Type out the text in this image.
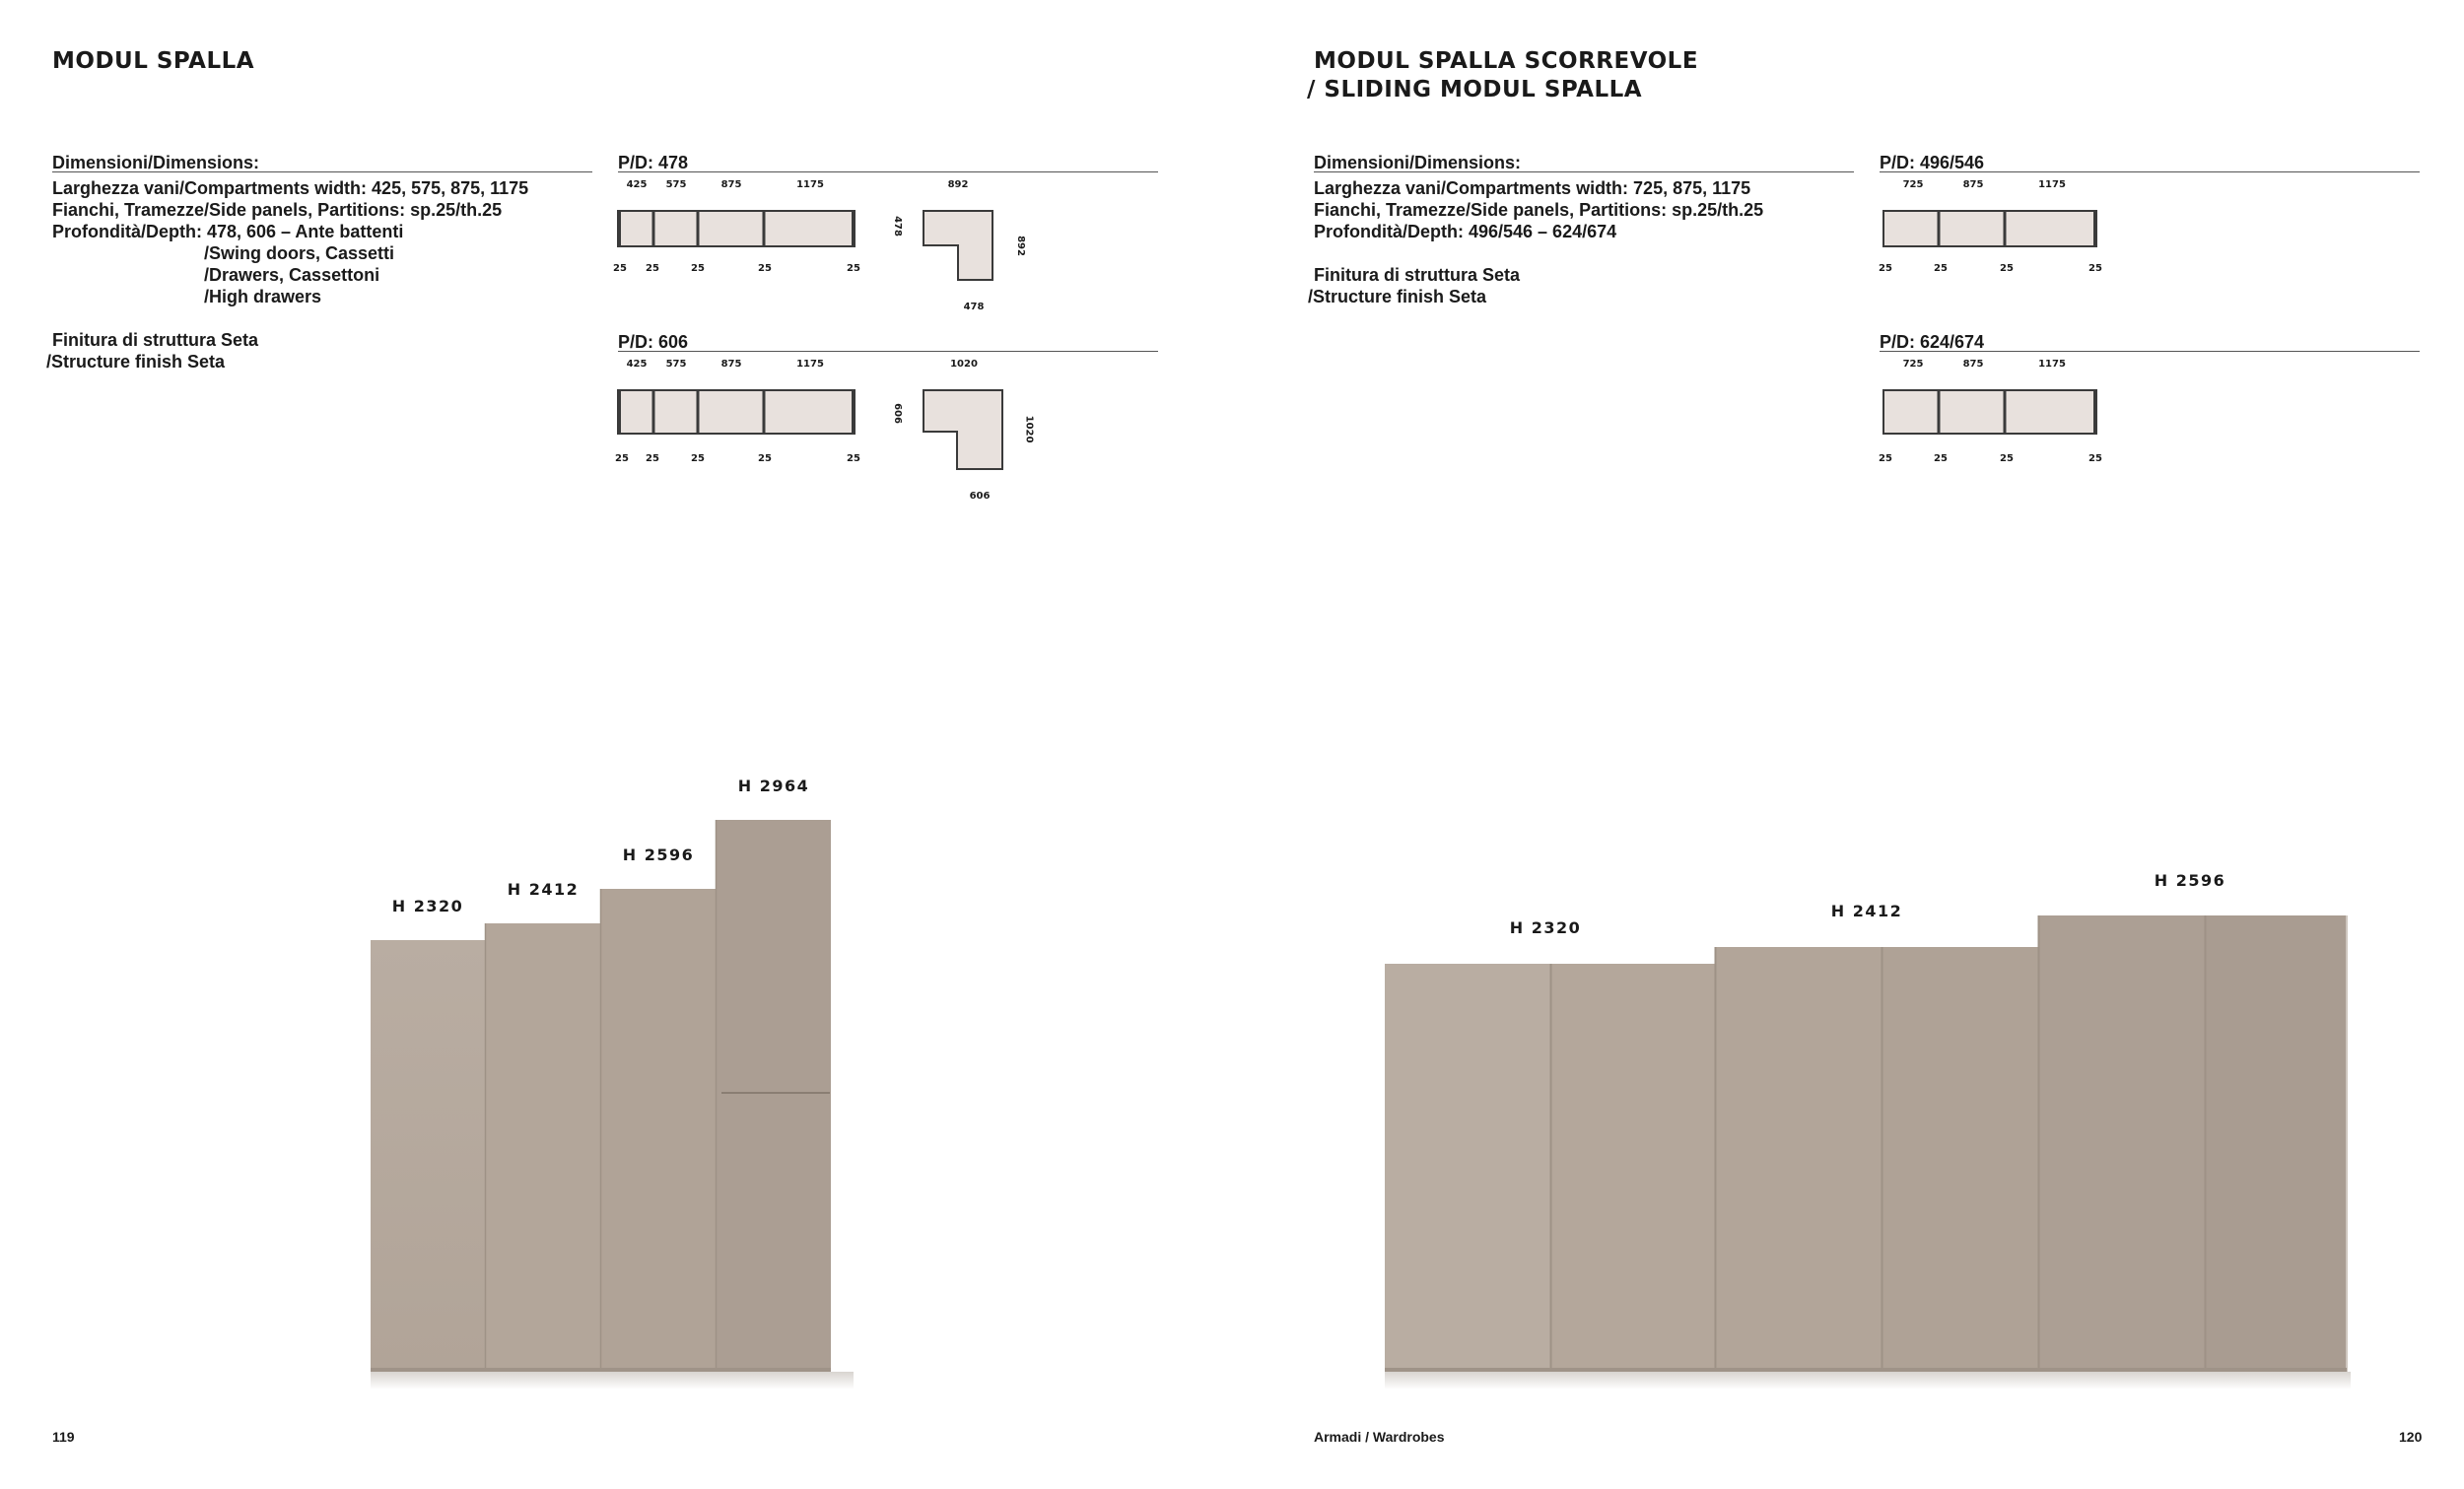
MODUL SPALLA
Dimensioni/Dimensions:
Larghezza vani/Compartments width: 425, 575, 875, 1175
Fianchi, Tramezze/Side panels, Partitions: sp.25/th.25
Profondità/Depth: 478, 606 – Ante battenti
/Swing doors, Cassetti
/Drawers, Cassettoni
/High drawers
Finitura di struttura Seta
/Structure finish Seta
P/D: 478
425 575	875	1175
25 25	25	25	25
892
478
892
478
P/D: 606
425 575	875	1175
25 25	25	25	25
1020
606
1020
606
H 2320
H 2412
H 2596
H 2964
119
MODUL SPALLA SCORREVOLE
/ SLIDING MODUL SPALLA
Dimensioni/Dimensions:
Larghezza vani/Compartments width: 725, 875, 1175
Fianchi, Tramezze/Side panels, Partitions: sp.25/th.25
Profondità/Depth: 496/546 – 624/674
Finitura di struttura Seta
/Structure finish Seta
P/D: 496/546
725	875	1175
25	25	25	25
P/D: 624/674
725	875	1175
25	25	25	25
H 2320
H 2412
H 2596
Armadi / Wardrobes	120
